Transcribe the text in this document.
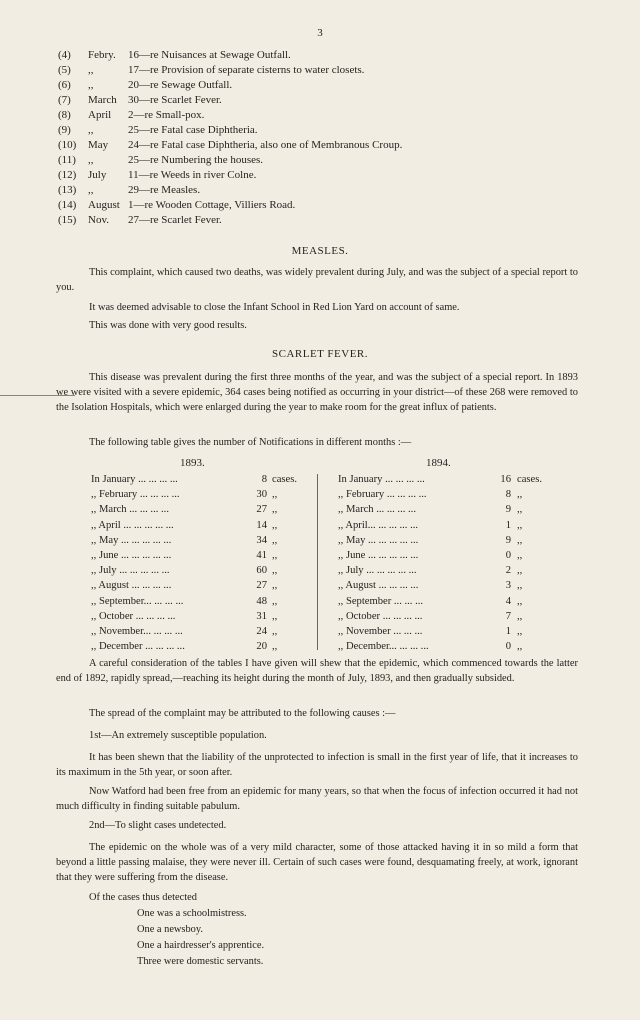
3
(4) Febry. 16—re Nuisances at Sewage Outfall.
(5) ,,	17—re Provision of separate cisterns to water closets.
(6) ,,	20—re Sewage Outfall.
(7) March 30—re Scarlet Fever.
(8) April 2—re Small-pox.
(9) ,,	25—re Fatal case Diphtheria.
(10) May 24—re Fatal case Diphtheria, also one of Membranous Croup.
(11) ,,	25—re Numbering the houses.
(12) July 11—re Weeds in river Colne.
(13) ,,	29—re Measles.
(14) August 1—re Wooden Cottage, Villiers Road.
(15) Nov. 27—re Scarlet Fever.
MEASLES.
This complaint, which caused two deaths, was widely prevalent during July, and was the subject of a special report to you.
It was deemed advisable to close the Infant School in Red Lion Yard on account of same.
This was done with very good results.
SCARLET FEVER.
This disease was prevalent during the first three months of the year, and was the subject of a special report. In 1893 we were visited with a severe epidemic, 364 cases being notified as occurring in your district—of these 268 were removed to the Isolation Hospitals, which were enlarged during the year to make room for the great influx of patients.
The following table gives the number of Notifications in different months :—
1893.	1894.
In January ... ... ... ...	8 cases.
,, February ... ... ... ...	30 ,,
,, March ... ... ... ...	27 ,,
,, April ... ... ... ... ...	14 ,,
,, May ... ... ... ... ...	34 ,,
,, June ... ... ... ... ...	41 ,,
,, July ... ... ... ... ...	60 ,,
,, August ... ... ... ...	27 ,,
,, September... ... ... ...	48 ,,
,, October ... ... ... ...	31 ,,
,, November... ... ... ...	24 ,,
,, December ... ... ... ...	20 ,,
In January ... ... ... ...	16 cases.
,, February ... ... ... ...	8 ,,
,, March ... ... ... ...	9 ,,
,, April... ... ... ... ...	1 ,,
,, May ... ... ... ... ...	9 ,,
,, June ... ... ... ... ...	0 ,,
,, July ... ... ... ... ...	2 ,,
,, August ... ... ... ...	3 ,,
,, September ... ... ...	4 ,,
,, October ... ... ... ...	7 ,,
,, November ... ... ...	1 ,,
,, December... ... ... ...	0 ,,
A careful consideration of the tables I have given will shew that the epidemic, which commenced towards the latter end of 1892, rapidly spread,—reaching its height during the month of July, 1893, and then gradually subsided.
The spread of the complaint may be attributed to the following causes :—
1st—An extremely susceptible population.
It has been shewn that the liability of the unprotected to infection is small in the first year of life, that it increases to its maximum in the 5th year, or soon after.
Now Watford had been free from an epidemic for many years, so that when the focus of infection occurred it had not much difficulty in finding suitable pabulum.
2nd—To slight cases undetected.
The epidemic on the whole was of a very mild character, some of those attacked having it in so mild a form that beyond a little passing malaise, they were never ill. Certain of such cases were found, desquamating freely, at work, ignorant that they were suffering from the disease.
Of the cases thus detected
One was a schoolmistress.
One a newsboy.
One a hairdresser's apprentice.
Three were domestic servants.
